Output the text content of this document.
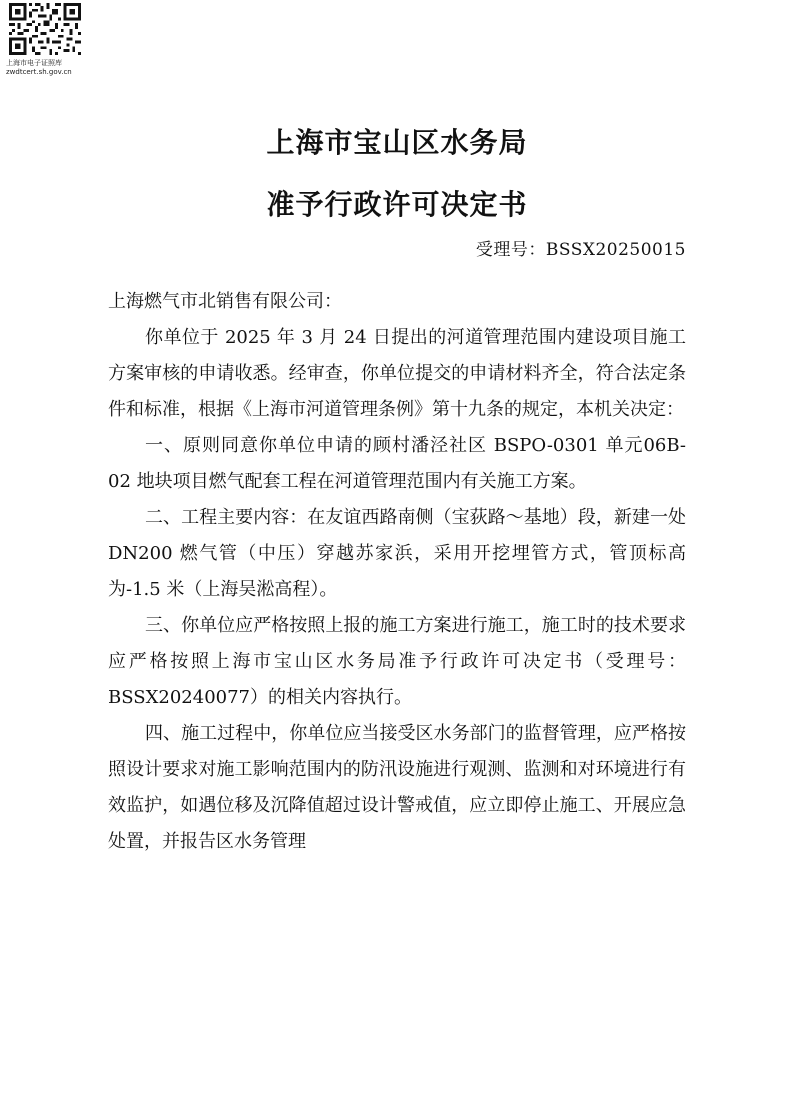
上海市电子证照库
zwdtcert.sh.gov.cn
上海市宝山区水务局
准予行政许可决定书
受理号：BSSX20250015

上海燃气市北销售有限公司：

你单位于 2025 年 3 月 24 日提出的河道管理范围内建设项目施工方案审核的申请收悉。经审查，你单位提交的申请材料齐全，符合法定条件和标准，根据《上海市河道管理条例》第十九条的规定，本机关决定：

一、原则同意你单位申请的顾村潘泾社区 BSPO-0301 单元06B-02 地块项目燃气配套工程在河道管理范围内有关施工方案。

二、工程主要内容：在友谊西路南侧（宝荻路～基地）段，新建一处 DN200 燃气管（中压）穿越苏家浜，采用开挖埋管方式，管顶标高为-1.5 米（上海吴淞高程）。

三、你单位应严格按照上报的施工方案进行施工，施工时的技术要求应严格按照上海市宝山区水务局准予行政许可决定书（受理号：BSSX20240077）的相关内容执行。

四、施工过程中，你单位应当接受区水务部门的监督管理，应严格按照设计要求对施工影响范围内的防汛设施进行观测、监测和对环境进行有效监护，如遇位移及沉降值超过设计警戒值，应立即停止施工、开展应急处置，并报告区水务管理
